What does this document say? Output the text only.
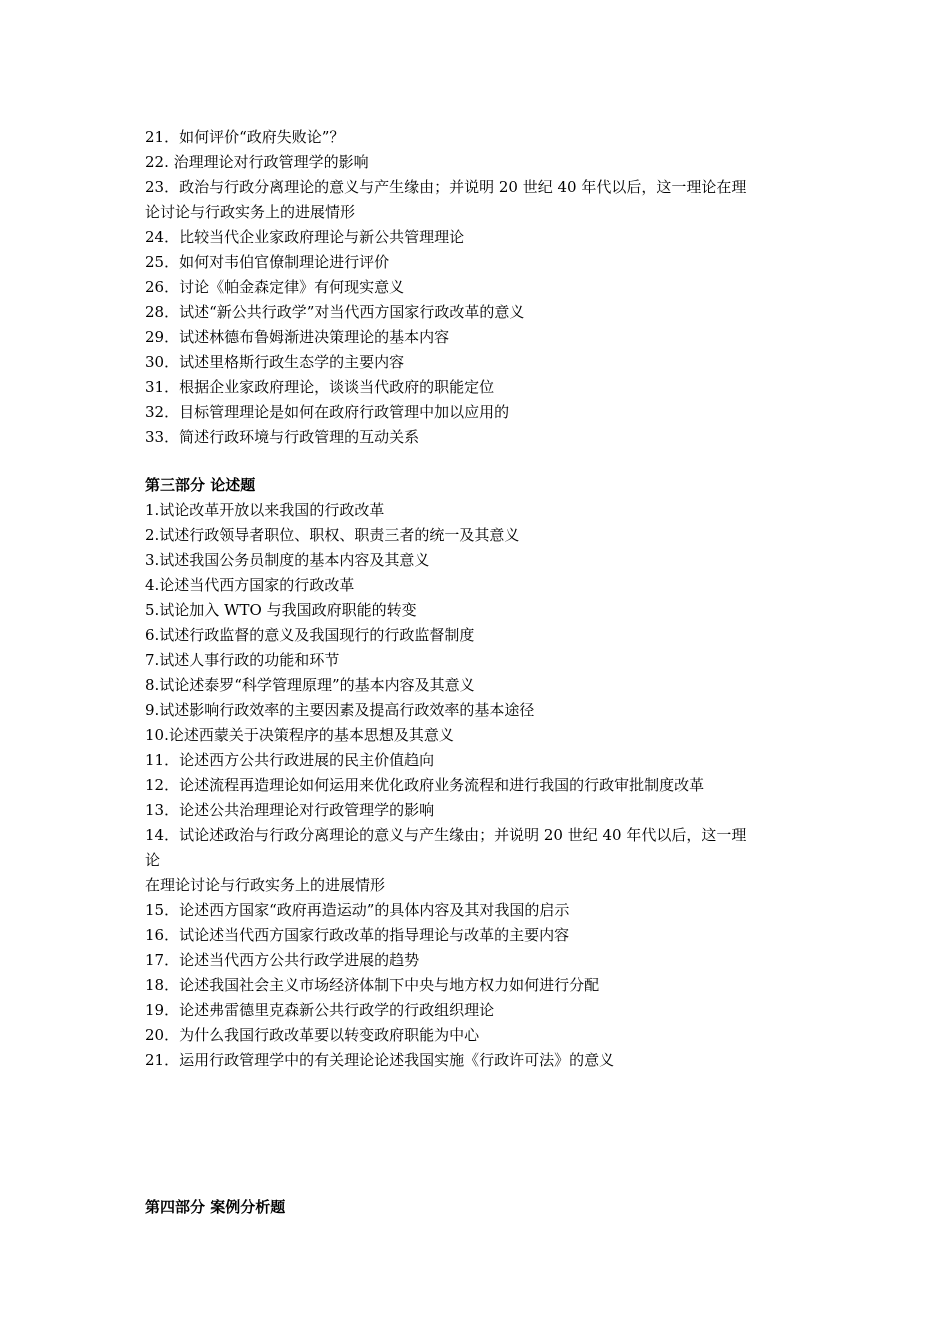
21．如何评价“政府失败论”？
22. 治理理论对行政管理学的影响
23．政治与行政分离理论的意义与产生缘由；并说明 20 世纪 40 年代以后，这一理论在理
论讨论与行政实务上的进展情形
24．比较当代企业家政府理论与新公共管理理论
25．如何对韦伯官僚制理论进行评价
26．讨论《帕金森定律》有何现实意义
28．试述“新公共行政学”对当代西方国家行政改革的意义
29．试述林德布鲁姆渐进决策理论的基本内容
30．试述里格斯行政生态学的主要内容
31．根据企业家政府理论，谈谈当代政府的职能定位
32．目标管理理论是如何在政府行政管理中加以应用的
33．简述行政环境与行政管理的互动关系
第三部分 论述题
1.试论改革开放以来我国的行政改革
2.试述行政领导者职位、职权、职责三者的统一及其意义
3.试述我国公务员制度的基本内容及其意义
4.论述当代西方国家的行政改革
5.试论加入 WTO 与我国政府职能的转变
6.试述行政监督的意义及我国现行的行政监督制度
7.试述人事行政的功能和环节
8.试论述泰罗“科学管理原理”的基本内容及其意义
9.试述影响行政效率的主要因素及提高行政效率的基本途径
10.论述西蒙关于决策程序的基本思想及其意义
11．论述西方公共行政进展的民主价值趋向
12．论述流程再造理论如何运用来优化政府业务流程和进行我国的行政审批制度改革
13．论述公共治理理论对行政管理学的影响
14．试论述政治与行政分离理论的意义与产生缘由；并说明 20 世纪 40 年代以后，这一理
论
在理论讨论与行政实务上的进展情形
15．论述西方国家“政府再造运动”的具体内容及其对我国的启示
16．试论述当代西方国家行政改革的指导理论与改革的主要内容
17．论述当代西方公共行政学进展的趋势
18．论述我国社会主义市场经济体制下中央与地方权力如何进行分配
19．论述弗雷德里克森新公共行政学的行政组织理论
20．为什么我国行政改革要以转变政府职能为中心
21．运用行政管理学中的有关理论论述我国实施《行政许可法》的意义
第四部分 案例分析题
